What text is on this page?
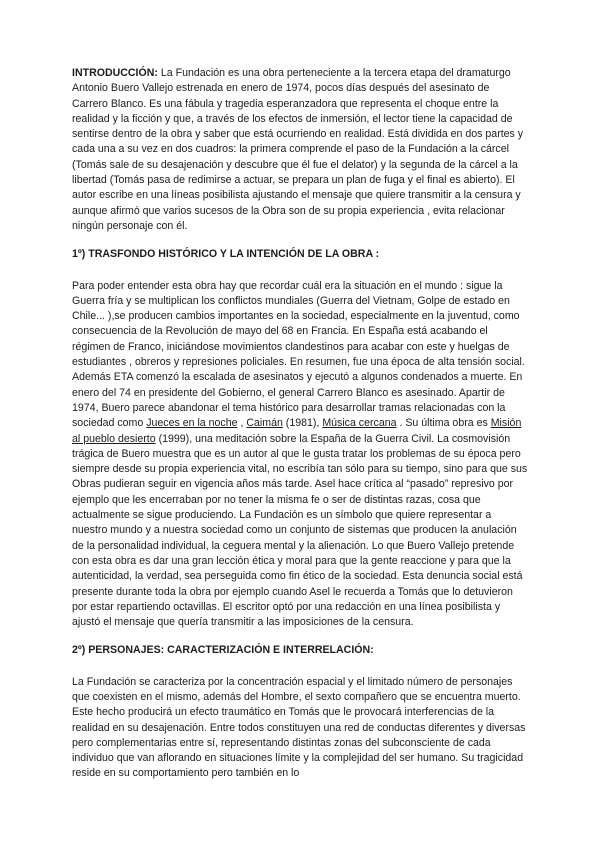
INTRODUCCIÓN: La Fundación es una obra perteneciente a la tercera etapa del dramaturgo Antonio Buero Vallejo estrenada en enero de 1974, pocos días después del asesinato de Carrero Blanco. Es una fábula y tragedia esperanzadora que representa el choque entre la realidad y la ficción y que, a través de los efectos de inmersión, el lector tiene la capacidad de sentirse dentro de la obra y saber que está ocurriendo en realidad. Está dividida en dos partes y cada una a su vez en dos cuadros: la primera comprende el paso de la Fundación a la cárcel (Tomás sale de su desajenación y descubre que él fue el delator) y la segunda de la cárcel a la libertad (Tomás pasa de redimirse a actuar, se prepara un plan de fuga y el final es abierto). El autor escribe en una líneas posibilista ajustando el mensaje que quiere transmitir a la censura y aunque afirmó que varios sucesos de la Obra son de su propia experiencia , evita relacionar ningún personaje con él.

1º) TRASFONDO HISTÓRICO Y LA INTENCIÓN DE LA OBRA :

Para poder entender esta obra hay que recordar cuál era la situación en el mundo : sigue la Guerra fría y se multiplican los conflictos mundiales (Guerra del Vietnam, Golpe de estado en Chile... ),se producen cambios importantes en la sociedad, especialmente en la juventud, como consecuencia de la Revolución de mayo del 68 en Francia. En España está acabando el régimen de Franco, iniciándose movimientos clandestinos para acabar con este y huelgas de estudiantes , obreros y represiones policiales. En resumen, fue una época de alta tensión social. Además ETA comenzó la escalada de asesinatos y ejecutó a algunos condenados a muerte. En enero del 74 en presidente del Gobierno, el general Carrero Blanco es asesinado. Apartir de 1974, Buero parece abandonar el tema histórico para desarrollar tramas relacionadas con la sociedad como Jueces en la noche , Caimán (1981), Música cercana . Su última obra es Misión al pueblo desierto (1999), una meditación sobre la España de la Guerra Civil. La cosmovisión trágica de Buero muestra que es un autor al que le gusta tratar los problemas de su época pero siempre desde su propia experiencia vital, no escribía tan sólo para su tiempo, sino para que sus Obras pudieran seguir en vigencia años más tarde. Asel hace crítica al “pasado” represivo por ejemplo que les encerraban por no tener la misma fe o ser de distintas razas, cosa que actualmente se sigue produciendo. La Fundación es un símbolo que quiere representar a nuestro mundo y a nuestra sociedad como un conjunto de sistemas que producen la anulación de la personalidad individual, la ceguera mental y la alienación. Lo que Buero Vallejo pretende con esta obra es dar una gran lección ética y moral para que la gente reaccione y para que la autenticidad, la verdad, sea perseguida como fin ético de la sociedad. Esta denuncia social está presente durante toda la obra por ejemplo cuando Asel le recuerda a Tomás que lo detuvieron por estar repartiendo octavillas. El escritor optó por una redacción en una línea posibilista y ajustó el mensaje que quería transmitir a las imposiciones de la censura.

2º) PERSONAJES: CARACTERIZACIÓN E INTERRELACIÓN:

La Fundación se caracteriza por la concentración espacial y el limitado número de personajes que coexisten en el mismo, además del Hombre, el sexto compañero que se encuentra muerto. Este hecho producirá un efecto traumático en Tomás que le provocará interferencias de la realidad en su desajenación. Entre todos constituyen una red de conductas diferentes y diversas pero complementarias entre sí, representando distintas zonas del subconsciente de cada individuo que van aflorando en situaciones límite y la complejidad del ser humano. Su tragicidad reside en su comportamiento pero también en lo
